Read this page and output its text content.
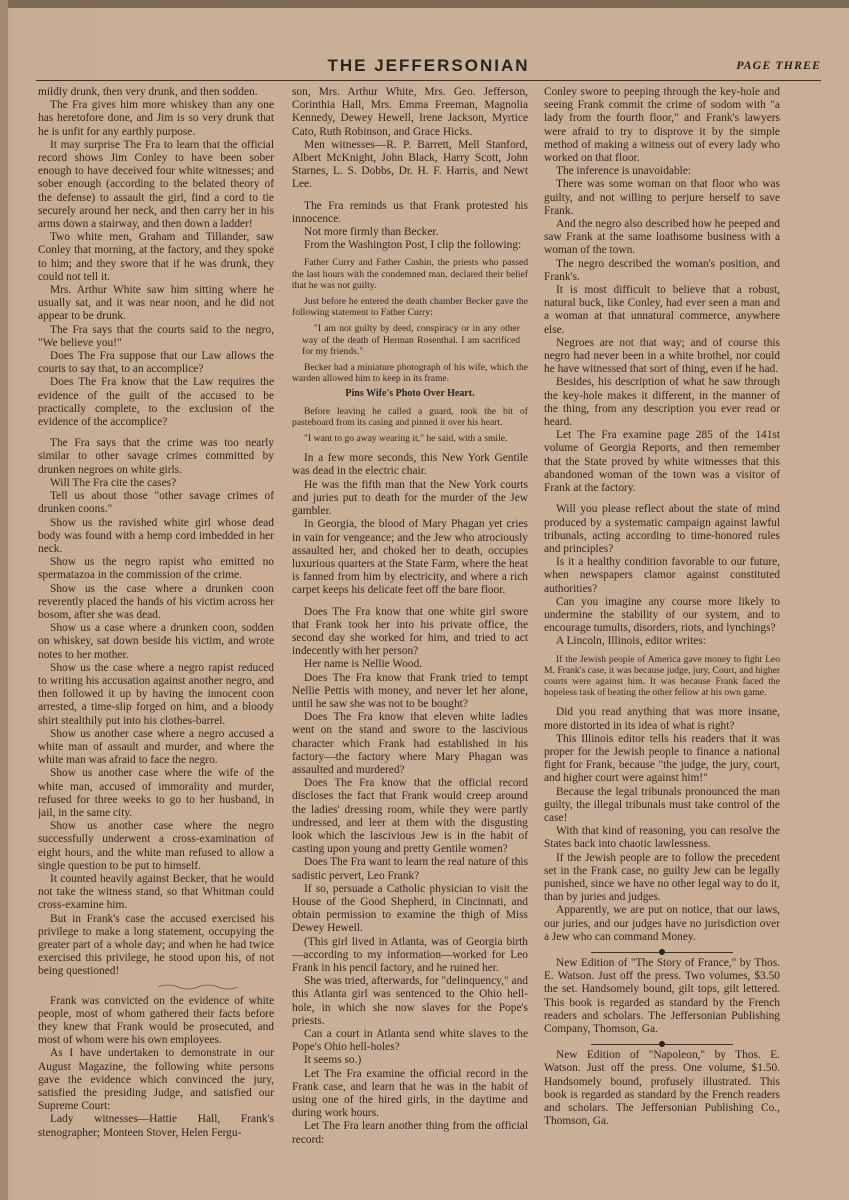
THE JEFFERSONIAN	PAGE THREE

mildly drunk, then very drunk, and then sodden.

The Fra gives him more whiskey than any one has heretofore done, and Jim is so very drunk that he is unfit for any earthly purpose.

It may surprise The Fra to learn that the official record shows Jim Conley to have been sober enough to have deceived four white witnesses; and sober enough (according to the belated theory of the defense) to assault the girl, find a cord to tie securely around her neck, and then carry her in his arms down a stairway, and then down a ladder!

Two white men, Graham and Tillander, saw Conley that morning, at the factory, and they spoke to him; and they swore that if he was drunk, they could not tell it.

Mrs. Arthur White saw him sitting where he usually sat, and it was near noon, and he did not appear to be drunk.

The Fra says that the courts said to the negro, "We believe you!"

Does The Fra suppose that our Law allows the courts to say that, to an accomplice?

Does The Fra know that the Law requires the evidence of the guilt of the accused to be practically complete, to the exclusion of the evidence of the accomplice?

The Fra says that the crime was too nearly similar to other savage crimes committed by drunken negroes on white girls.

Will The Fra cite the cases?

Tell us about those "other savage crimes of drunken coons."

Show us the ravished white girl whose dead body was found with a hemp cord imbedded in her neck.

Show us the negro rapist who emitted no spermatazoa in the commission of the crime.

Show us the case where a drunken coon reverently placed the hands of his victim across her bosom, after she was dead.

Show us a case where a drunken coon, sodden on whiskey, sat down beside his victim, and wrote notes to her mother.

Show us the case where a negro rapist reduced to writing his accusation against another negro, and then followed it up by having the innocent coon arrested, a time-slip forged on him, and a bloody shirt stealthily put into his clothes-barrel.

Show us another case where a negro accused a white man of assault and murder, and where the white man was afraid to face the negro.

Show us another case where the wife of the white man, accused of immorality and murder, refused for three weeks to go to her husband, in jail, in the same city.

Show us another case where the negro successfully underwent a cross-examination of eight hours, and the white man refused to allow a single question to be put to himself.

It counted heavily against Becker, that he would not take the witness stand, so that Whitman could cross-examine him.

But in Frank's case the accused exercised his privilege to make a long statement, occupying the greater part of a whole day; and when he had twice exercised this privilege, he stood upon his, of not being questioned!

Frank was convicted on the evidence of white people, most of whom gathered their facts before they knew that Frank would be prosecuted, and most of whom were his own employees.

As I have undertaken to demonstrate in our August Magazine, the following white persons gave the evidence which convinced the jury, satisfied the presiding Judge, and satisfied our Supreme Court:

Lady witnesses—Hattie Hall, Frank's stenographer; Monteen Stover, Helen Fergu-

son, Mrs. Arthur White, Mrs. Geo. Jefferson, Corinthia Hall, Mrs. Emma Freeman, Magnolia Kennedy, Dewey Hewell, Irene Jackson, Myrtice Cato, Ruth Robinson, and Grace Hicks.

Men witnesses—R. P. Barrett, Mell Stanford, Albert McKnight, John Black, Harry Scott, John Starnes, L. S. Dobbs, Dr. H. F. Harris, and Newt Lee.

The Fra reminds us that Frank protested his innocence.

Not more firmly than Becker.

From the Washington Post, I clip the following:

Father Curry and Father Cashin, the priests who passed the last hours with the condemned man, declared their belief that he was not guilty.

Just before he entered the death chamber Becker gave the following statement to Father Curry:

"I am not guilty by deed, conspiracy or in any other way of the death of Herman Rosenthal. I am sacrificed for my friends."

Becker had a miniature photograph of his wife, which the warden allowed him to keep in its frame.

Pins Wife's Photo Over Heart.

Before leaving he called a guard, took the bit of pasteboard from its casing and pinned it over his heart.

"I want to go away wearing it," he said, with a smile.

In a few more seconds, this New York Gentile was dead in the electric chair.

He was the fifth man that the New York courts and juries put to death for the murder of the Jew gambler.

In Georgia, the blood of Mary Phagan yet cries in vain for vengeance; and the Jew who atrociously assaulted her, and choked her to death, occupies luxurious quarters at the State Farm, where the heat is fanned from him by electricity, and where a rich carpet keeps his delicate feet off the bare floor.

Does The Fra know that one white girl swore that Frank took her into his private office, the second day she worked for him, and tried to act indecently with her person?

Her name is Nellie Wood.

Does The Fra know that Frank tried to tempt Nellie Pettis with money, and never let her alone, until he saw she was not to be bought?

Does The Fra know that eleven white ladies went on the stand and swore to the lascivious character which Frank had established in his factory—the factory where Mary Phagan was assaulted and murdered?

Does The Fra know that the official record discloses the fact that Frank would creep around the ladies' dressing room, while they were partly undressed, and leer at them with the disgusting look which the lascivious Jew is in the habit of casting upon young and pretty Gentile women?

Does The Fra want to learn the real nature of this sadistic pervert, Leo Frank?

If so, persuade a Catholic physician to visit the House of the Good Shepherd, in Cincinnati, and obtain permission to examine the thigh of Miss Dewey Hewell.

(This girl lived in Atlanta, was of Georgia birth—according to my information—worked for Leo Frank in his pencil factory, and he ruined her.

She was tried, afterwards, for "delinquency," and this Atlanta girl was sentenced to the Ohio hell-hole, in which she now slaves for the Pope's priests.

Can a court in Atlanta send white slaves to the Pope's Ohio hell-holes?

It seems so.)

Let The Fra examine the official record in the Frank case, and learn that he was in the habit of using one of the hired girls, in the daytime and during work hours.

Let The Fra learn another thing from the official record:

Conley swore to peeping through the key-hole and seeing Frank commit the crime of sodom with "a lady from the fourth floor," and Frank's lawyers were afraid to try to disprove it by the simple method of making a witness out of every lady who worked on that floor.

The inference is unavoidable:

There was some woman on that floor who was guilty, and not willing to perjure herself to save Frank.

And the negro also described how he peeped and saw Frank at the same loathsome business with a woman of the town.

The negro described the woman's position, and Frank's.

It is most difficult to believe that a robust, natural buck, like Conley, had ever seen a man and a woman at that unnatural commerce, anywhere else.

Negroes are not that way; and of course this negro had never been in a white brothel, nor could he have witnessed that sort of thing, even if he had.

Besides, his description of what he saw through the key-hole makes it different, in the manner of the thing, from any description you ever read or heard.

Let The Fra examine page 285 of the 141st volume of Georgia Reports, and then remember that the State proved by white witnesses that this abandoned woman of the town was a visitor of Frank at the factory.

Will you please reflect about the state of mind produced by a systematic campaign against lawful tribunals, acting according to time-honored rules and principles?

Is it a healthy condition favorable to our future, when newspapers clamor against constituted authorities?

Can you imagine any course more likely to undermine the stability of our system, and to encourage tumults, disorders, riots, and lynchings?

A Lincoln, Illinois, editor writes:

If the Jewish people of America gave money to fight Leo M. Frank's case, it was because judge, jury, Court, and higher courts were against him. It was because Frank faced the hopeless task of beating the other fellow at his own game.

Did you read anything that was more insane, more distorted in its idea of what is right?

This Illinois editor tells his readers that it was proper for the Jewish people to finance a national fight for Frank, because "the judge, the jury, court, and higher court were against him!"

Because the legal tribunals pronounced the man guilty, the illegal tribunals must take control of the case!

With that kind of reasoning, you can resolve the States back into chaotic lawlessness.

If the Jewish people are to follow the precedent set in the Frank case, no guilty Jew can be legally punished, since we have no other legal way to do it, than by juries and judges.

Apparently, we are put on notice, that our laws, our juries, and our judges have no jurisdiction over a Jew who can command Money.

New Edition of "The Story of France," by Thos. E. Watson. Just off the press. Two volumes, $3.50 the set. Handsomely bound, gilt tops, gilt lettered. This book is regarded as standard by the French readers and scholars. The Jeffersonian Publishing Company, Thomson, Ga.

New Edition of "Napoleon," by Thos. E. Watson. Just off the press. One volume, $1.50. Handsomely bound, profusely illustrated. This book is regarded as standard by the French readers and scholars. The Jeffersonian Publishing Co., Thomson, Ga.
